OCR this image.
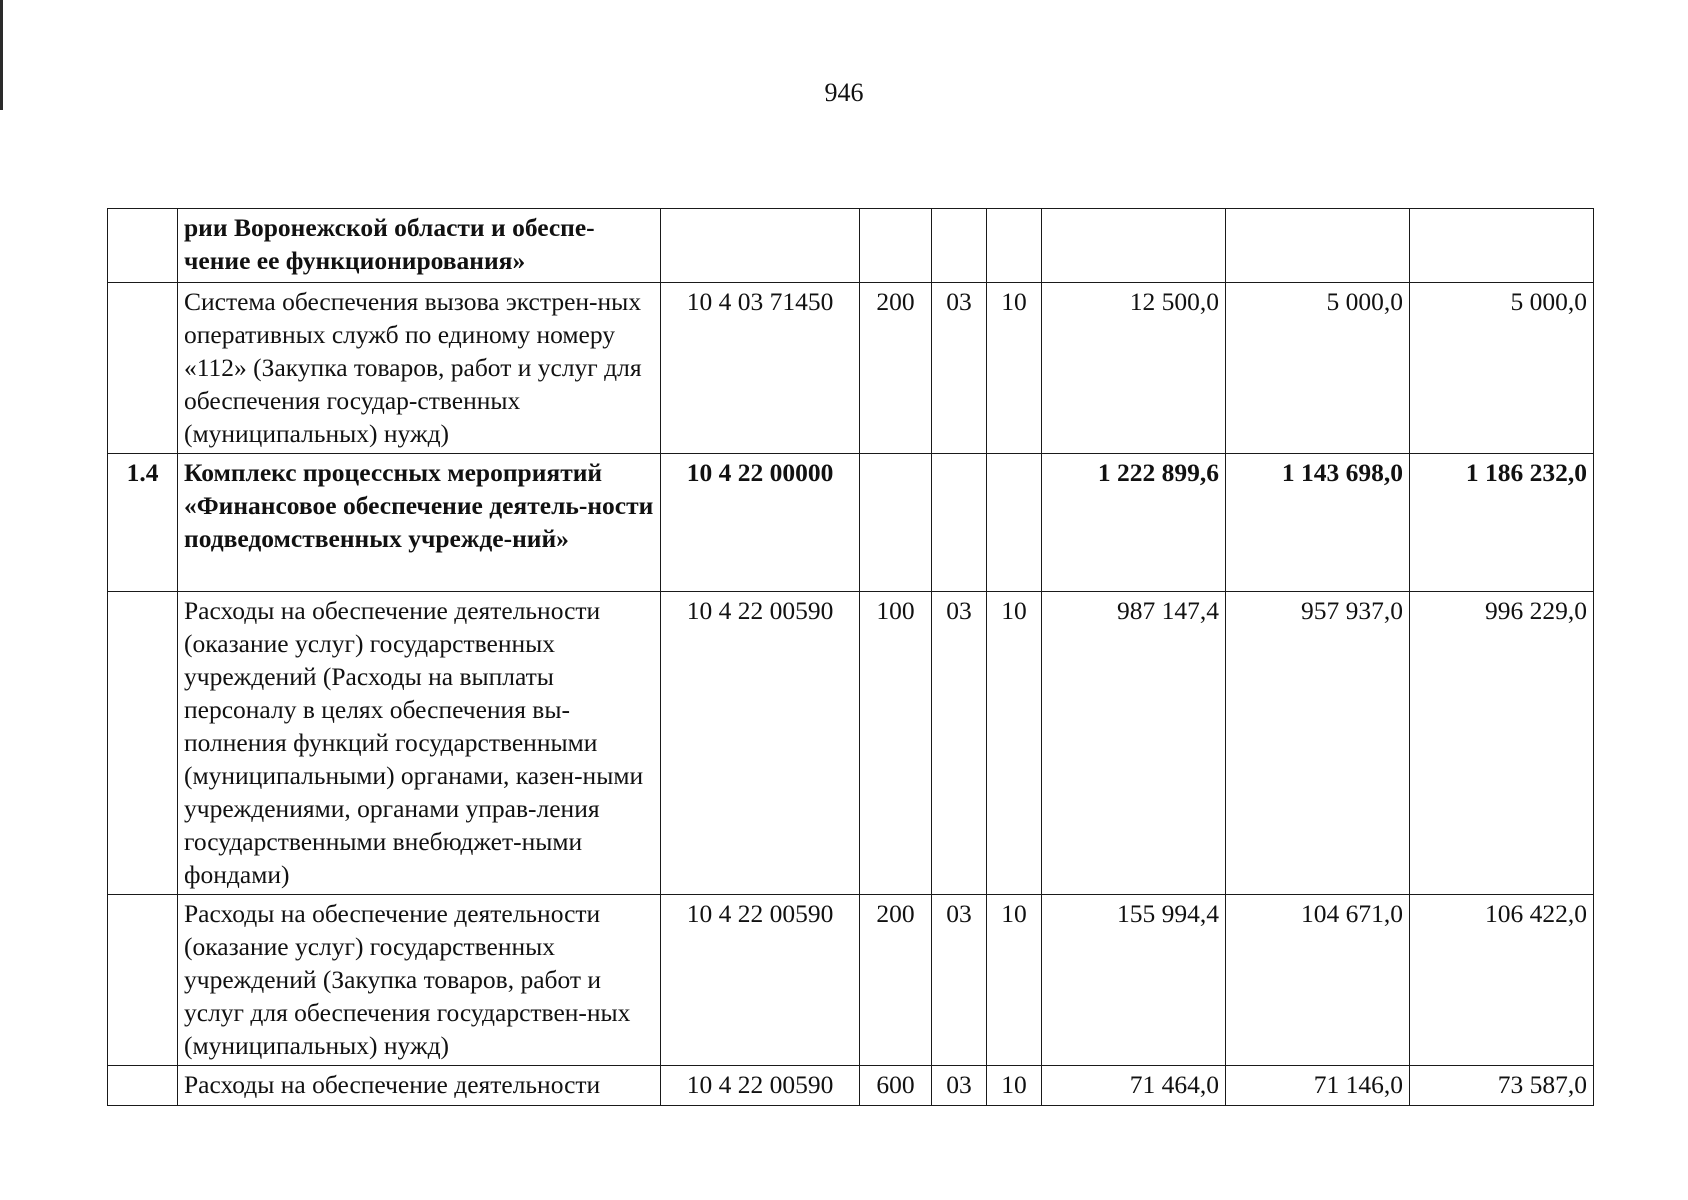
946
	рии Воронежской области и обеспе-чение ее функционирования»							
	Система обеспечения вызова экстрен-ных оперативных служб по единому номеру «112» (Закупка товаров, работ и услуг для обеспечения государ-ственных (муниципальных) нужд)	10 4 03 71450	200	03	10	12 500,0	5 000,0	5 000,0
1.4	Комплекс процессных мероприятий «Финансовое обеспечение деятель-ности подведомственных учрежде-ний»	10 4 22 00000				1 222 899,6	1 143 698,0	1 186 232,0
	Расходы на обеспечение деятельности (оказание услуг) государственных учреждений (Расходы на выплаты персоналу в целях обеспечения вы-полнения функций государственными (муниципальными) органами, казен-ными учреждениями, органами управ-ления государственными внебюджет-ными фондами)	10 4 22 00590	100	03	10	987 147,4	957 937,0	996 229,0
	Расходы на обеспечение деятельности (оказание услуг) государственных учреждений (Закупка товаров, работ и услуг для обеспечения государствен-ных (муниципальных) нужд)	10 4 22 00590	200	03	10	155 994,4	104 671,0	106 422,0
	Расходы на обеспечение деятельности	10 4 22 00590	600	03	10	71 464,0	71 146,0	73 587,0
